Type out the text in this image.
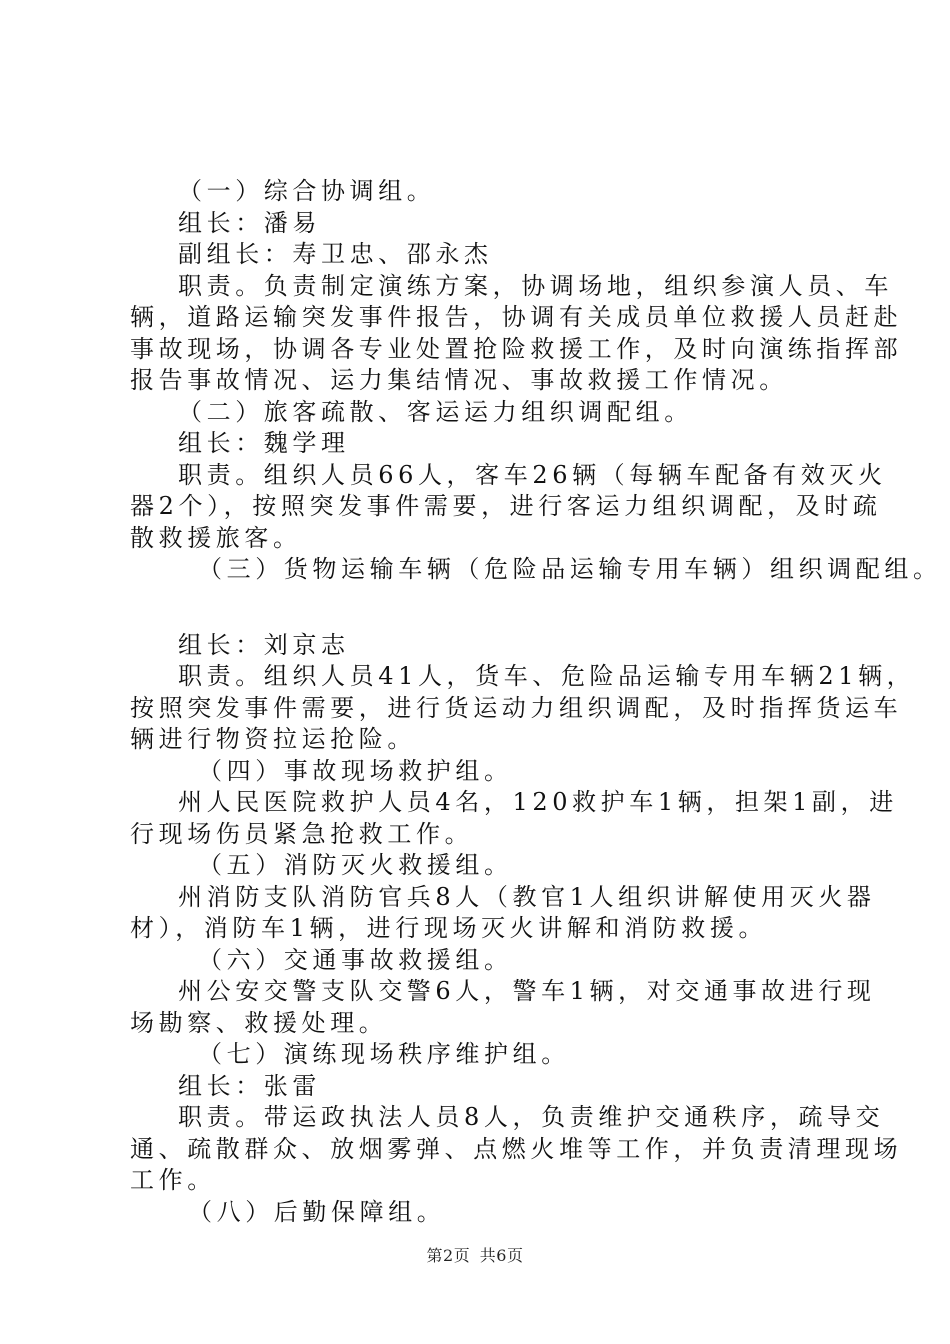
（一）综合协调组。
组长：潘易
副组长：寿卫忠、邵永杰
职责。负责制定演练方案，协调场地，组织参演人员、车
辆，道路运输突发事件报告，协调有关成员单位救援人员赶赴
事故现场，协调各专业处置抢险救援工作，及时向演练指挥部
报告事故情况、运力集结情况、事故救援工作情况。
（二）旅客疏散、客运运力组织调配组。
组长：魏学理
职责。组织人员66人，客车26辆（每辆车配备有效灭火
器2个），按照突发事件需要，进行客运力组织调配，及时疏
散救援旅客。
（三）货物运输车辆（危险品运输专用车辆）组织调配组。
组长：刘京志
职责。组织人员41人，货车、危险品运输专用车辆21辆，
按照突发事件需要，进行货运动力组织调配，及时指挥货运车
辆进行物资拉运抢险。
（四）事故现场救护组。
州人民医院救护人员4名，120救护车1辆，担架1副，进
行现场伤员紧急抢救工作。
（五）消防灭火救援组。
州消防支队消防官兵8人（教官1人组织讲解使用灭火器
材），消防车1辆，进行现场灭火讲解和消防救援。
（六）交通事故救援组。
州公安交警支队交警6人，警车1辆，对交通事故进行现
场勘察、救援处理。
（七）演练现场秩序维护组。
组长：张雷
职责。带运政执法人员8人，负责维护交通秩序，疏导交
通、疏散群众、放烟雾弹、点燃火堆等工作，并负责清理现场
工作。
（八）后勤保障组。
第2页 共6页
